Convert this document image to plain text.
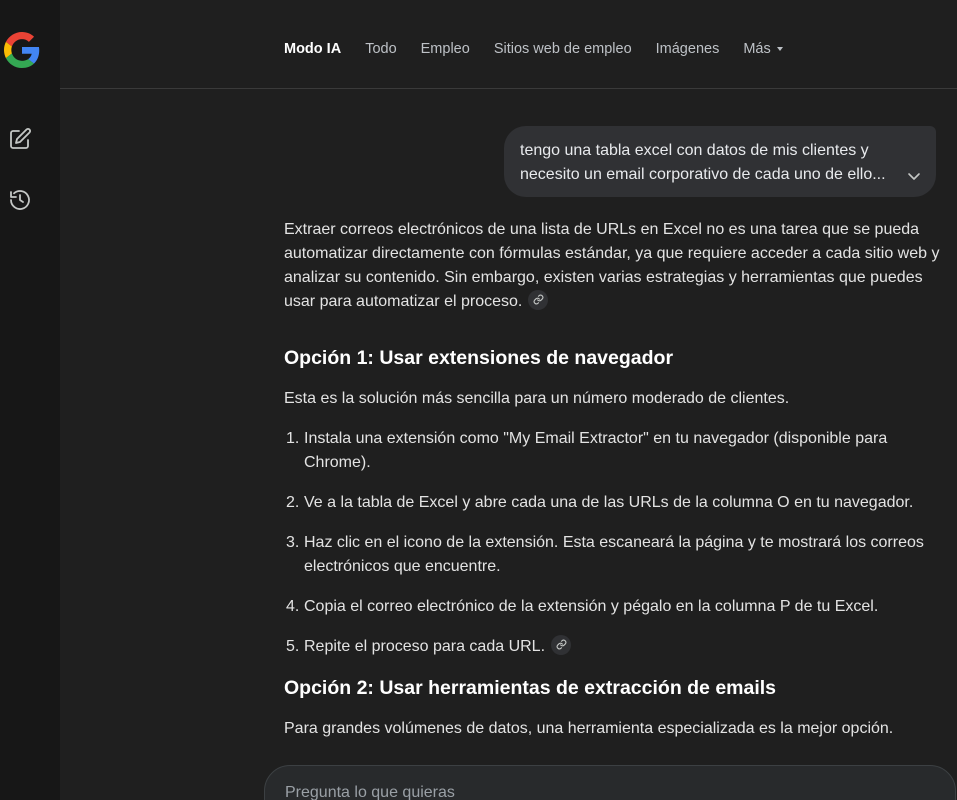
Modo IA Todo Empleo Sitios web de empleo Imágenes Más
tengo una tabla excel con datos de mis clientes y
necesito un email corporativo de cada uno de ello...

Extraer correos electrónicos de una lista de URLs en Excel no es una tarea que se pueda automatizar directamente con fórmulas estándar, ya que requiere acceder a cada sitio web y analizar su contenido. Sin embargo, existen varias estrategias y herramientas que puedes usar para automatizar el proceso.

Opción 1: Usar extensiones de navegador

Esta es la solución más sencilla para un número moderado de clientes.

1. Instala una extensión como "My Email Extractor" en tu navegador (disponible para Chrome).
2. Ve a la tabla de Excel y abre cada una de las URLs de la columna O en tu navegador.
3. Haz clic en el icono de la extensión. Esta escaneará la página y te mostrará los correos electrónicos que encuentre.
4. Copia el correo electrónico de la extensión y pégalo en la columna P de tu Excel.
5. Repite el proceso para cada URL.
Opción 2: Usar herramientas de extracción de emails

Para grandes volúmenes de datos, una herramienta especializada es la mejor opción.

Pregunta lo que quieras
